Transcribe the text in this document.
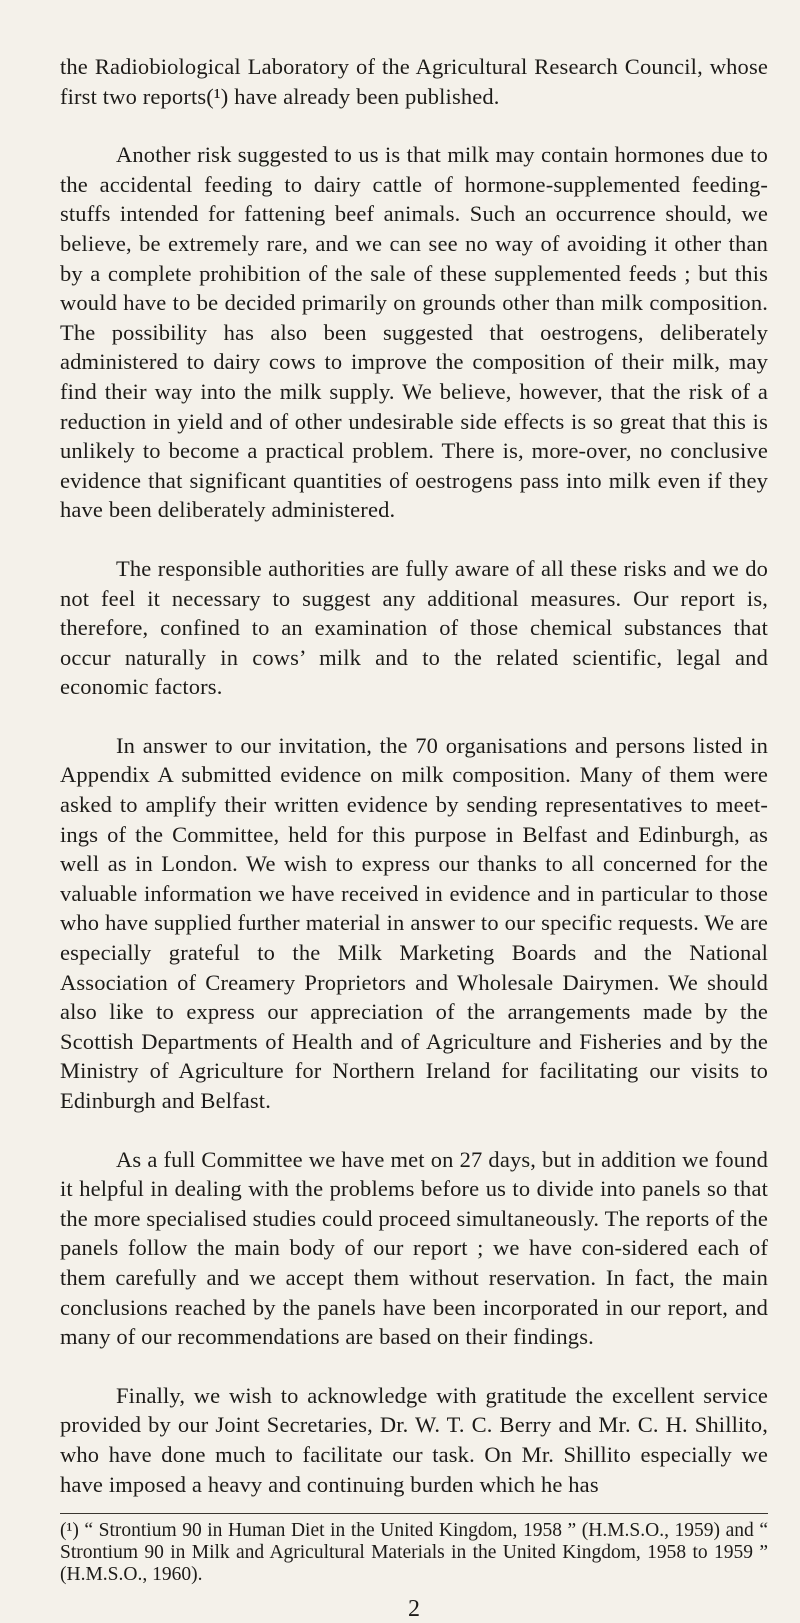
the Radiobiological Laboratory of the Agricultural Research Council, whose first two reports(¹) have already been published.

Another risk suggested to us is that milk may contain hormones due to the accidental feeding to dairy cattle of hormone-supplemented feeding-stuffs intended for fattening beef animals. Such an occurrence should, we believe, be extremely rare, and we can see no way of avoiding it other than by a complete prohibition of the sale of these supplemented feeds ; but this would have to be decided primarily on grounds other than milk composition. The possibility has also been suggested that oestrogens, deliberately administered to dairy cows to improve the composition of their milk, may find their way into the milk supply. We believe, however, that the risk of a reduction in yield and of other undesirable side effects is so great that this is unlikely to become a practical problem. There is, more-over, no conclusive evidence that significant quantities of oestrogens pass into milk even if they have been deliberately administered.

The responsible authorities are fully aware of all these risks and we do not feel it necessary to suggest any additional measures. Our report is, therefore, confined to an examination of those chemical substances that occur naturally in cows’ milk and to the related scientific, legal and economic factors.

In answer to our invitation, the 70 organisations and persons listed in Appendix A submitted evidence on milk composition. Many of them were asked to amplify their written evidence by sending representatives to meet-ings of the Committee, held for this purpose in Belfast and Edinburgh, as well as in London. We wish to express our thanks to all concerned for the valuable information we have received in evidence and in particular to those who have supplied further material in answer to our specific requests. We are especially grateful to the Milk Marketing Boards and the National Association of Creamery Proprietors and Wholesale Dairymen. We should also like to express our appreciation of the arrangements made by the Scottish Departments of Health and of Agriculture and Fisheries and by the Ministry of Agriculture for Northern Ireland for facilitating our visits to Edinburgh and Belfast.

As a full Committee we have met on 27 days, but in addition we found it helpful in dealing with the problems before us to divide into panels so that the more specialised studies could proceed simultaneously. The reports of the panels follow the main body of our report ; we have con-sidered each of them carefully and we accept them without reservation. In fact, the main conclusions reached by the panels have been incorporated in our report, and many of our recommendations are based on their findings.

Finally, we wish to acknowledge with gratitude the excellent service provided by our Joint Secretaries, Dr. W. T. C. Berry and Mr. C. H. Shillito, who have done much to facilitate our task. On Mr. Shillito especially we have imposed a heavy and continuing burden which he has

(¹) “ Strontium 90 in Human Diet in the United Kingdom, 1958 ” (H.M.S.O., 1959) and “ Strontium 90 in Milk and Agricultural Materials in the United Kingdom, 1958 to 1959 ” (H.M.S.O., 1960).

2
